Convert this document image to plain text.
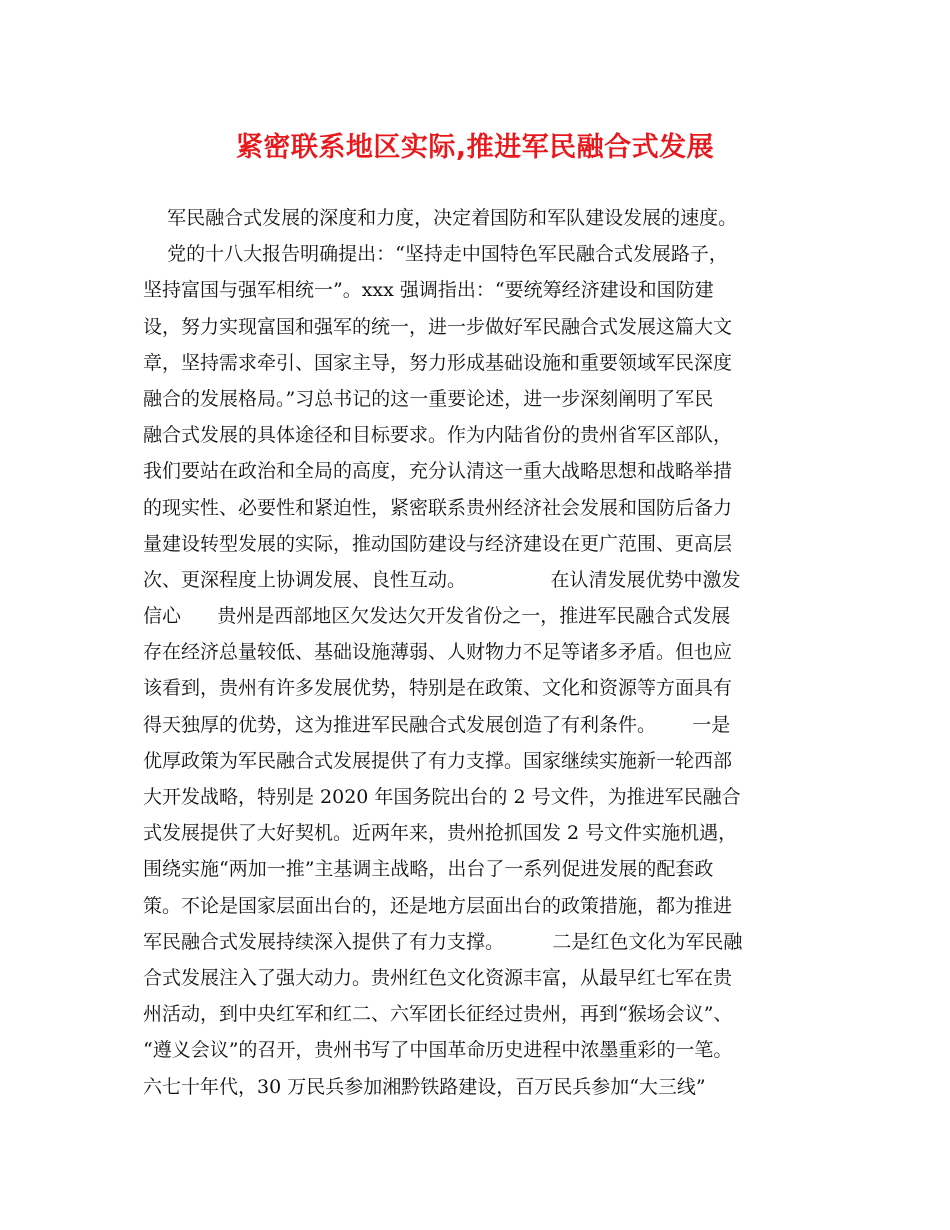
紧密联系地区实际,推进军民融合式发展
军民融合式发展的深度和力度，决定着国防和军队建设发展的速度。
党的十八大报告明确提出：“坚持走中国特色军民融合式发展路子，
坚持富国与强军相统一”。xxx 强调指出：“要统筹经济建设和国防建
设，努力实现富国和强军的统一，进一步做好军民融合式发展这篇大文
章，坚持需求牵引、国家主导，努力形成基础设施和重要领域军民深度
融合的发展格局。”习总书记的这一重要论述，进一步深刻阐明了军民
融合式发展的具体途径和目标要求。作为内陆省份的贵州省军区部队，
我们要站在政治和全局的高度，充分认清这一重大战略思想和战略举措
的现实性、必要性和紧迫性，紧密联系贵州经济社会发展和国防后备力
量建设转型发展的实际，推动国防建设与经济建设在更广范围、更高层
次、更深程度上协调发展、良性互动。              在认清发展优势中激发
信心      贵州是西部地区欠发达欠开发省份之一，推进军民融合式发展
存在经济总量较低、基础设施薄弱、人财物力不足等诸多矛盾。但也应
该看到，贵州有许多发展优势，特别是在政策、文化和资源等方面具有
得天独厚的优势，这为推进军民融合式发展创造了有利条件。      一是
优厚政策为军民融合式发展提供了有力支撑。国家继续实施新一轮西部
大开发战略，特别是 2020 年国务院出台的 2 号文件，为推进军民融合
式发展提供了大好契机。近两年来，贵州抢抓国发 2 号文件实施机遇，
围绕实施“两加一推”主基调主战略，出台了一系列促进发展的配套政
策。不论是国家层面出台的，还是地方层面出台的政策措施，都为推进
军民融合式发展持续深入提供了有力支撑。        二是红色文化为军民融
合式发展注入了强大动力。贵州红色文化资源丰富，从最早红七军在贵
州活动，到中央红军和红二、六军团长征经过贵州，再到“猴场会议”、
“遵义会议”的召开，贵州书写了中国革命历史进程中浓墨重彩的一笔。
六七十年代，30 万民兵参加湘黔铁路建设，百万民兵参加“大三线”
